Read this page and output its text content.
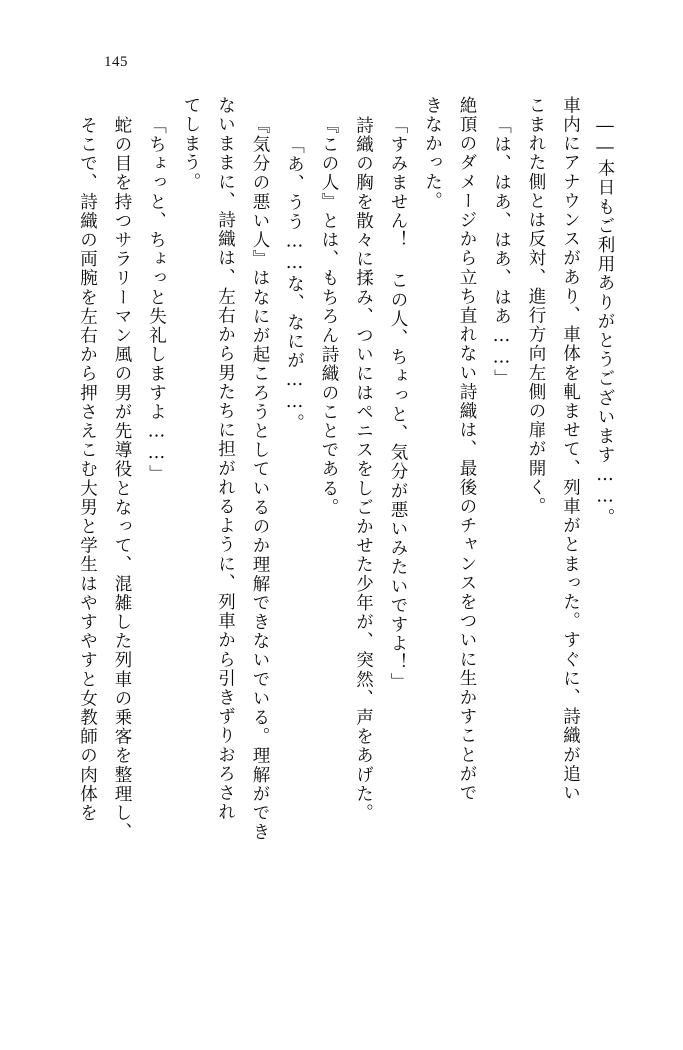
145
――本日もご利用ありがとうございます……。
車内にアナウンスがあり、車体を軋ませて、列車がとまった。すぐに、詩織が追い
こまれた側とは反対、進行方向左側の扉が開く。
「は、はあ、はあ、はあ……」
絶頂のダメージから立ち直れない詩織は、最後のチャンスをついに生かすことがで
きなかった。
「すみません！ この人、ちょっと、気分が悪いみたいですよ！」
詩織の胸を散々に揉み、ついにはペニスをしごかせた少年が、突然、声をあげた。
『この人』とは、もちろん詩織のことである。
「あ、うう……な、なにが……。
『気分の悪い人』はなにが起ころうとしているのか理解できないでいる。理解ができ
ないままに、詩織は、左右から男たちに担がれるように、列車から引きずりおろされ
てしまう。
「ちょっと、ちょっと失礼しますよ……」
蛇の目を持つサラリーマン風の男が先導役となって、混雑した列車の乗客を整理し、
そこで、詩織の両腕を左右から押さえこむ大男と学生はやすやすと女教師の肉体を
